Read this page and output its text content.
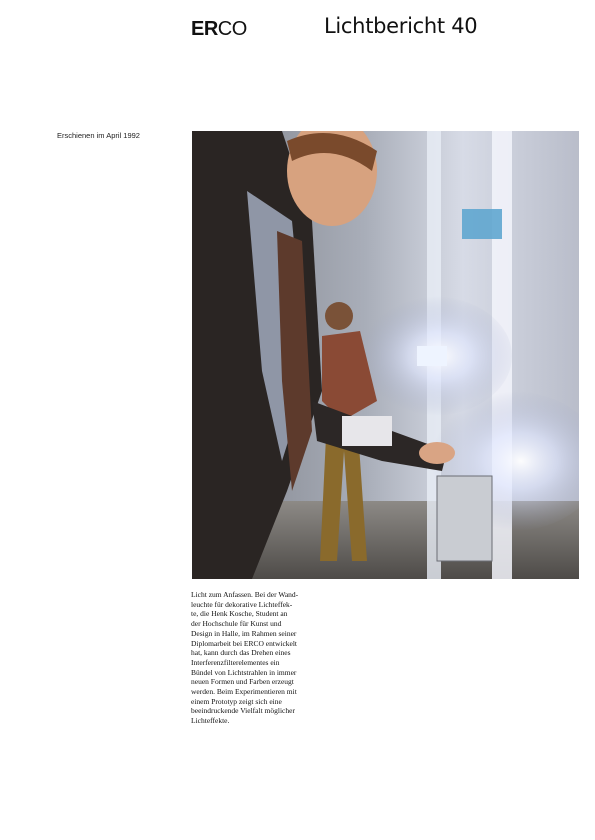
ERCO	Lichtbericht 40
Erschienen im April 1992
Licht zum Anfassen. Bei der Wand-
leuchte für dekorative Lichteffek-
te, die Henk Kosche, Student an
der Hochschule für Kunst und
Design in Halle, im Rahmen seiner
Diplomarbeit bei ERCO entwickelt
hat, kann durch das Drehen eines
Interferenzfilterelementes ein
Bündel von Lichtstrahlen in immer
neuen Formen und Farben erzeugt
werden. Beim Experimentieren mit
einem Prototyp zeigt sich eine
beeindruckende Vielfalt möglicher
Lichteffekte.
